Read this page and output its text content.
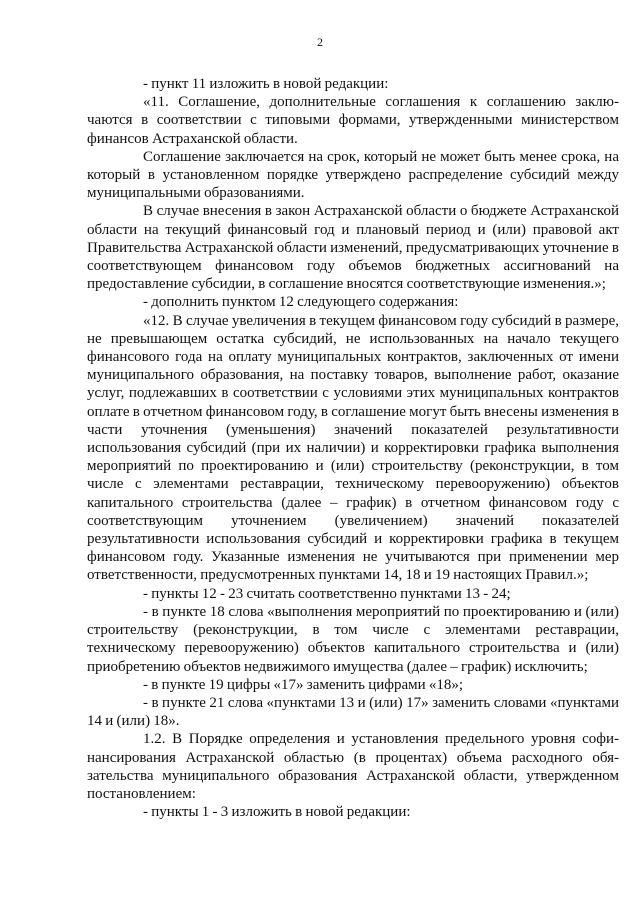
2

- пункт 11 изложить в новой редакции:

«11. Соглашение, дополнительные соглашения к соглашению заключаются в соответствии с типовыми формами, утвержденными министерством финансов Астраханской области.

Соглашение заключается на срок, который не может быть менее срока, на который в установленном порядке утверждено распределение субсидий между муниципальными образованиями.

В случае внесения в закон Астраханской области о бюджете Астраханской области на текущий финансовый год и плановый период и (или) правовой акт Правительства Астраханской области изменений, предусматривающих уточнение в соответствующем финансовом году объемов бюджетных ассигнований на предоставление субсидии, в соглашение вносятся соответствующие изменения.»;

- дополнить пунктом 12 следующего содержания:

«12. В случае увеличения в текущем финансовом году субсидий в размере, не превышающем остатка субсидий, не использованных на начало текущего финансового года на оплату муниципальных контрактов, заключенных от имени муниципального образования, на поставку товаров, выполнение работ, оказание услуг, подлежавших в соответствии с условиями этих муниципальных контрактов оплате в отчетном финансовом году, в соглашение могут быть внесены изменения в части уточнения (уменьшения) значений показателей результативности использования субсидий (при их наличии) и корректировки графика выполнения мероприятий по проектированию и (или) строительству (реконструкции, в том числе с элементами реставрации, техническому перевооружению) объектов капитального строительства (далее – график) в отчетном финансовом году с соответствующим уточнением (увеличением) значений показателей результативности использования субсидий и корректировки графика в текущем финансовом году. Указанные изменения не учитываются при применении мер ответственности, предусмотренных пунктами 14, 18 и 19 настоящих Правил.»;

- пункты 12 - 23 считать соответственно пунктами 13 - 24;

- в пункте 18 слова «выполнения мероприятий по проектированию и (или) строительству (реконструкции, в том числе с элементами реставрации, техническому перевооружению) объектов капитального строительства и (или) приобретению объектов недвижимого имущества (далее – график) исключить;

- в пункте 19 цифры «17» заменить цифрами «18»;

- в пункте 21 слова «пунктами 13 и (или) 17» заменить словами «пунктами 14 и (или) 18».

1.2. В Порядке определения и установления предельного уровня софинансирования Астраханской областью (в процентах) объема расходного обязательства муниципального образования Астраханской области, утвержденном постановлением:

- пункты 1 - 3 изложить в новой редакции:
